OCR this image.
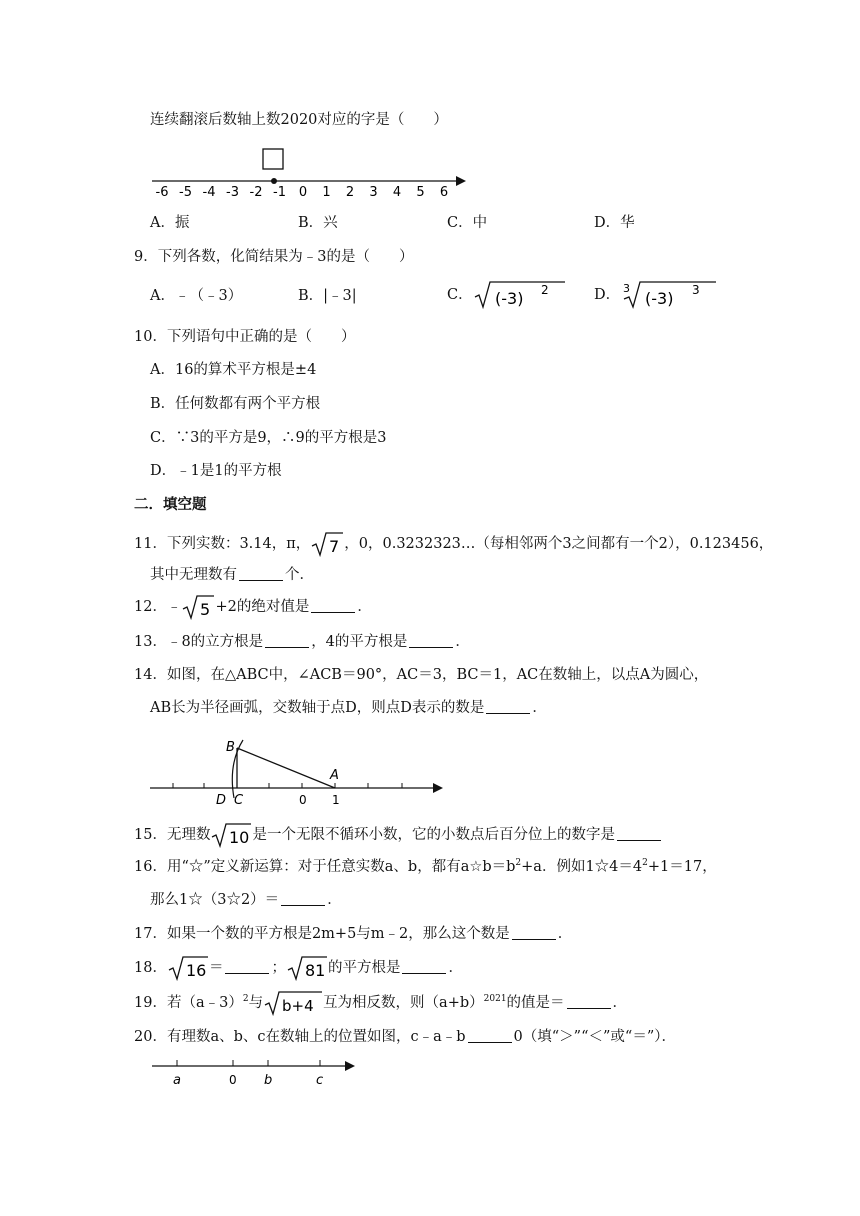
连续翻滚后数轴上数2020对应的字是（　　）
-6 -5 -4 -3 -2 -1 0 1 2 3 4 5 6
A．振	B．兴	C．中	D．华
9．下列各数，化简结果为﹣3的是（　　）
A．﹣（﹣3）	B．|﹣3|	C． (-3) 2	D． 3
(-3) 3
10．下列语句中正确的是（　　）
A．16的算术平方根是±4
B．任何数都有两个平方根
C．∵3的平方是9，∴9的平方根是3
D．﹣1是1的平方根
二．填空题
11．下列实数：3.14，π， 7 ，0，0.3232323…（每相邻两个3之间都有一个2），0.123456，
其中无理数有	个．
12．﹣ 5 +2的绝对值是	．
13．﹣8的立方根是	，4的平方根是	．
14．如图，在△ABC中，∠ACB＝90°，AC＝3，BC＝1，AC在数轴上，以点A为圆心，
AB长为半径画弧，交数轴于点D，则点D表示的数是	．
B
A
D C	0 1
15．无理数 10 是一个无限不循环小数，它的小数点后百分位上的数字是
16．用“☆”定义新运算：对于任意实数a、b，都有$a☆b=b^2+a$．例如$1☆4=4^2+1=17$，
那么1☆（3☆2）＝	．
17．如果一个数的平方根是2m+5与m﹣2，那么这个数是	．
18． 16 ＝	； 81 的平方根是	．
19．若（a﹣3）$^2$与 b+4 互为相反数，则$(a+b)^{2021}$的值是＝	．
20．有理数a、b、c在数轴上的位置如图，c﹣a﹣b	0（填“＞”“＜”或“＝”）．
a	0 b	c
